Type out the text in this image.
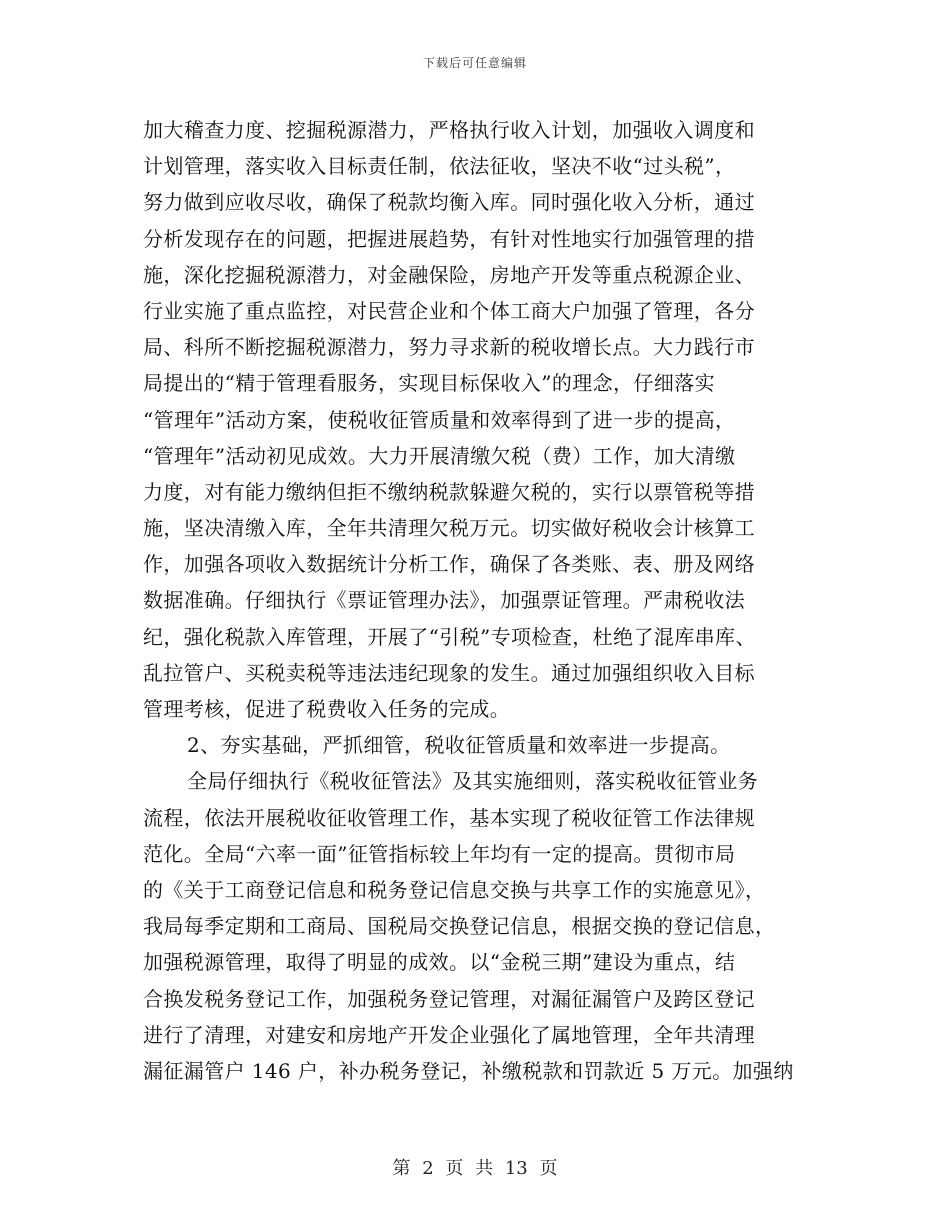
下载后可任意编辑
加大稽查力度、挖掘税源潜力，严格执行收入计划，加强收入调度和
计划管理，落实收入目标责任制，依法征收，坚决不收“过头税”，
努力做到应收尽收，确保了税款均衡入库。同时强化收入分析，通过
分析发现存在的问题，把握进展趋势，有针对性地实行加强管理的措
施，深化挖掘税源潜力，对金融保险，房地产开发等重点税源企业、
行业实施了重点监控，对民营企业和个体工商大户加强了管理，各分
局、科所不断挖掘税源潜力，努力寻求新的税收增长点。大力践行市
局提出的“精于管理看服务，实现目标保收入”的理念，仔细落实
“管理年”活动方案，使税收征管质量和效率得到了进一步的提高，
“管理年”活动初见成效。大力开展清缴欠税（费）工作，加大清缴
力度，对有能力缴纳但拒不缴纳税款躲避欠税的，实行以票管税等措
施，坚决清缴入库，全年共清理欠税万元。切实做好税收会计核算工
作，加强各项收入数据统计分析工作，确保了各类账、表、册及网络
数据准确。仔细执行《票证管理办法》，加强票证管理。严肃税收法
纪，强化税款入库管理，开展了“引税”专项检查，杜绝了混库串库、
乱拉管户、买税卖税等违法违纪现象的发生。通过加强组织收入目标
管理考核，促进了税费收入任务的完成。
2、夯实基础，严抓细管，税收征管质量和效率进一步提高。
全局仔细执行《税收征管法》及其实施细则，落实税收征管业务
流程，依法开展税收征收管理工作，基本实现了税收征管工作法律规
范化。全局“六率一面”征管指标较上年均有一定的提高。贯彻市局
的《关于工商登记信息和税务登记信息交换与共享工作的实施意见》，
我局每季定期和工商局、国税局交换登记信息，根据交换的登记信息，
加强税源管理，取得了明显的成效。以“金税三期”建设为重点，结
合换发税务登记工作，加强税务登记管理，对漏征漏管户及跨区登记
进行了清理，对建安和房地产开发企业强化了属地管理，全年共清理
漏征漏管户 146 户，补办税务登记，补缴税款和罚款近 5 万元。加强纳
第 2 页 共 13 页
